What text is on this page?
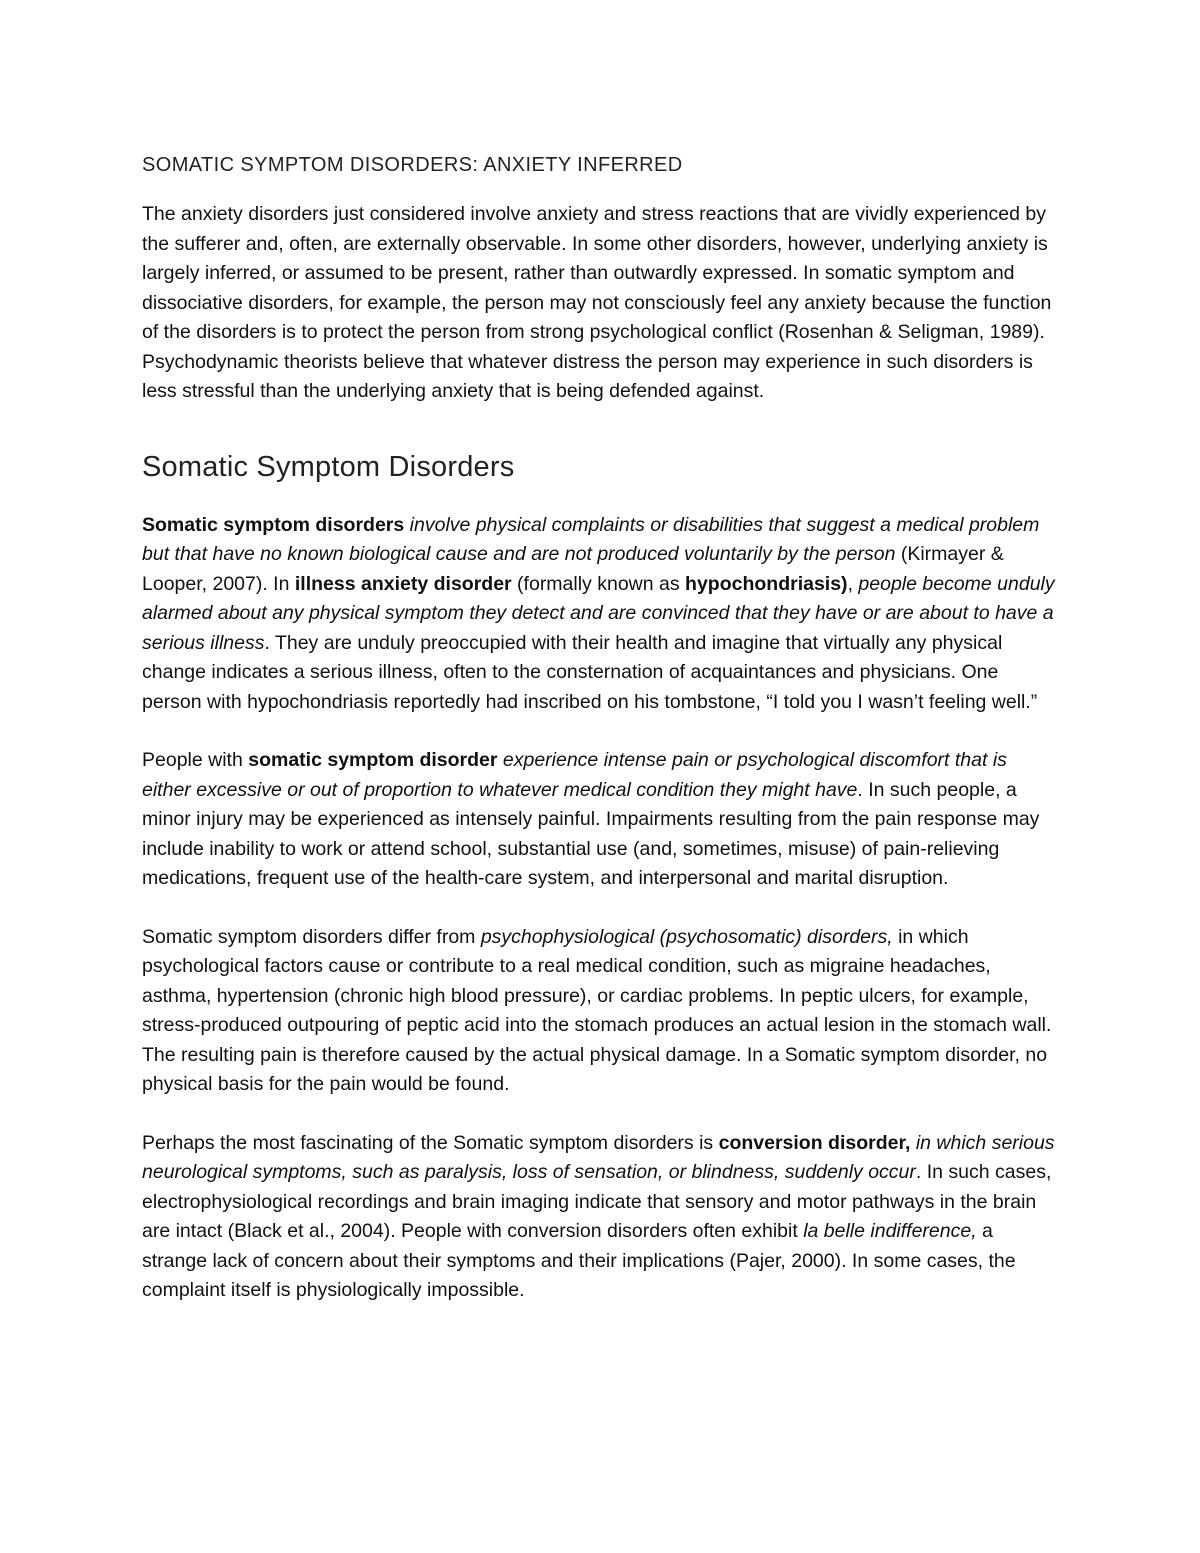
SOMATIC SYMPTOM DISORDERS: ANXIETY INFERRED

The anxiety disorders just considered involve anxiety and stress reactions that are vividly experienced by the sufferer and, often, are externally observable. In some other disorders, however, underlying anxiety is largely inferred, or assumed to be present, rather than outwardly expressed. In somatic symptom and dissociative disorders, for example, the person may not consciously feel any anxiety because the function of the disorders is to protect the person from strong psychological conflict (Rosenhan & Seligman, 1989). Psychodynamic theorists believe that whatever distress the person may experience in such disorders is less stressful than the underlying anxiety that is being defended against.

Somatic Symptom Disorders

Somatic symptom disorders involve physical complaints or disabilities that suggest a medical problem but that have no known biological cause and are not produced voluntarily by the person (Kirmayer & Looper, 2007). In illness anxiety disorder (formally known as hypochondriasis), people become unduly alarmed about any physical symptom they detect and are convinced that they have or are about to have a serious illness. They are unduly preoccupied with their health and imagine that virtually any physical change indicates a serious illness, often to the consternation of acquaintances and physicians. One person with hypochondriasis reportedly had inscribed on his tombstone, “I told you I wasn’t feeling well.”

People with somatic symptom disorder experience intense pain or psychological discomfort that is either excessive or out of proportion to whatever medical condition they might have. In such people, a minor injury may be experienced as intensely painful. Impairments resulting from the pain response may include inability to work or attend school, substantial use (and, sometimes, misuse) of pain-relieving medications, frequent use of the health-care system, and interpersonal and marital disruption.

Somatic symptom disorders differ from psychophysiological (psychosomatic) disorders, in which psychological factors cause or contribute to a real medical condition, such as migraine headaches, asthma, hypertension (chronic high blood pressure), or cardiac problems. In peptic ulcers, for example, stress-produced outpouring of peptic acid into the stomach produces an actual lesion in the stomach wall. The resulting pain is therefore caused by the actual physical damage. In a Somatic symptom disorder, no physical basis for the pain would be found.

Perhaps the most fascinating of the Somatic symptom disorders is conversion disorder, in which serious neurological symptoms, such as paralysis, loss of sensation, or blindness, suddenly occur. In such cases, electrophysiological recordings and brain imaging indicate that sensory and motor pathways in the brain are intact (Black et al., 2004). People with conversion disorders often exhibit la belle indifference, a strange lack of concern about their symptoms and their implications (Pajer, 2000). In some cases, the complaint itself is physiologically impossible.
